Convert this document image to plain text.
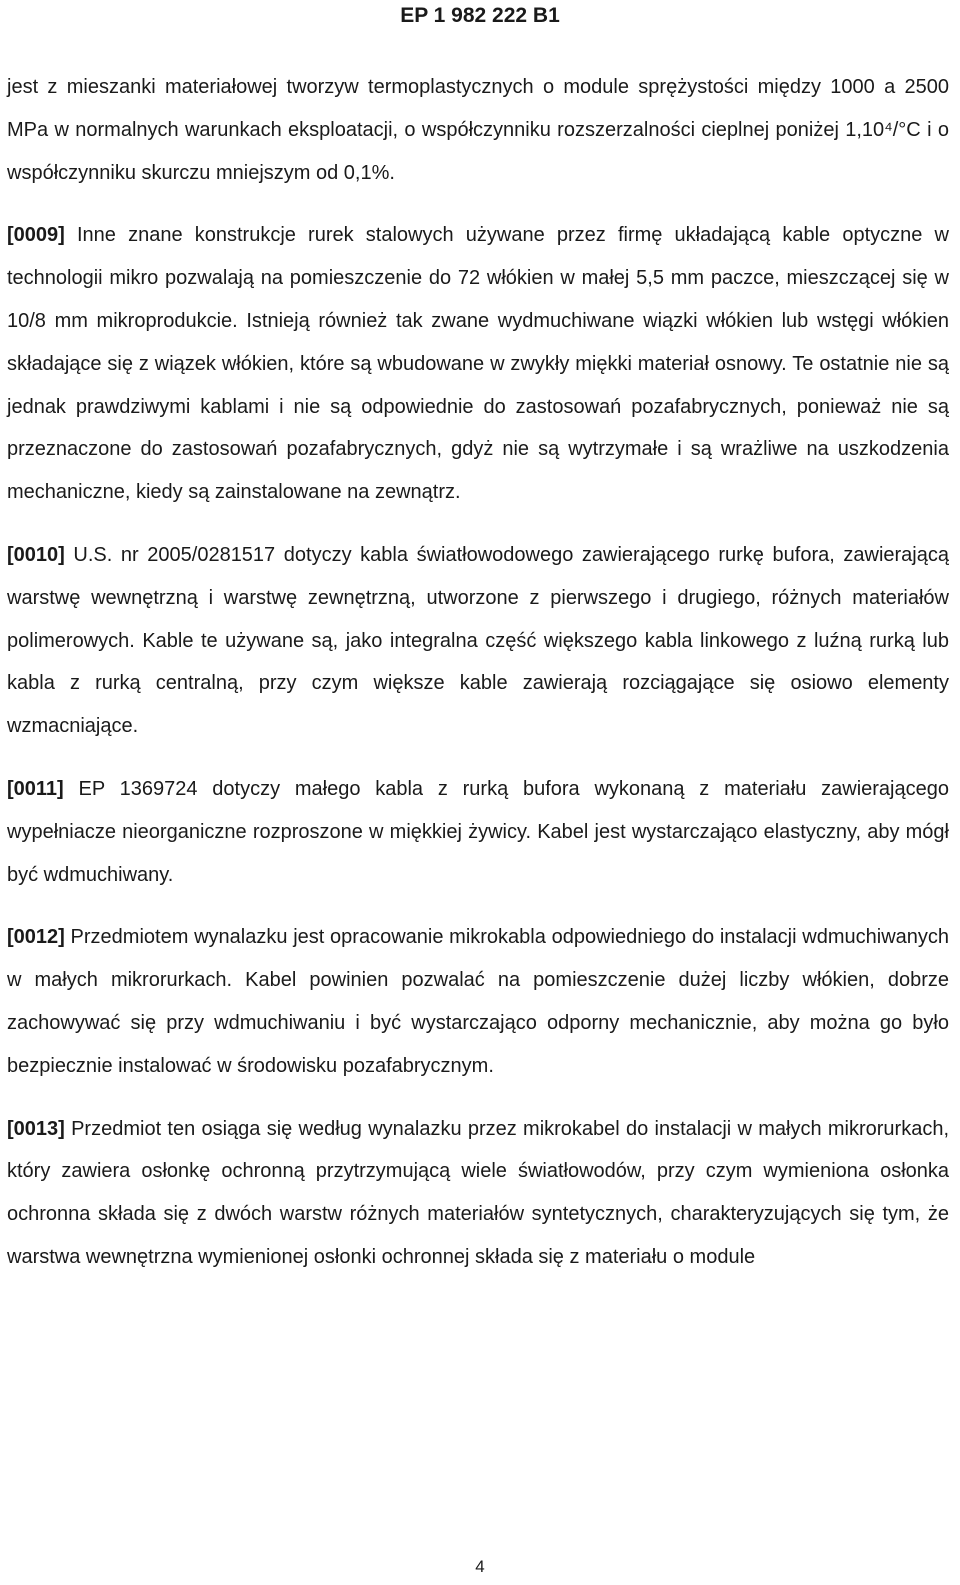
EP 1 982 222 B1

jest z mieszanki materiałowej tworzyw termoplastycznych o module sprężystości między 1000 a 2500 MPa w normalnych warunkach eksploatacji, o współczynniku rozszerzalności cieplnej poniżej 1,10⁴/°C i o współczynniku skurczu mniejszym od 0,1%.

[0009] Inne znane konstrukcje rurek stalowych używane przez firmę układającą kable optyczne w technologii mikro pozwalają na pomieszczenie do 72 włókien w małej 5,5 mm paczce, mieszczącej się w 10/8 mm mikroprodukcie. Istnieją również tak zwane wydmuchiwane wiązki włókien lub wstęgi włókien składające się z wiązek włókien, które są wbudowane w zwykły miękki materiał osnowy. Te ostatnie nie są jednak prawdziwymi kablami i nie są odpowiednie do zastosowań pozafabrycznych, ponieważ nie są przeznaczone do zastosowań pozafabrycznych, gdyż nie są wytrzymałe i są wrażliwe na uszkodzenia mechaniczne, kiedy są zainstalowane na zewnątrz.

[0010] U.S. nr 2005/0281517 dotyczy kabla światłowodowego zawierającego rurkę bufora, zawierającą warstwę wewnętrzną i warstwę zewnętrzną, utworzone z pierwszego i drugiego, różnych materiałów polimerowych. Kable te używane są, jako integralna część większego kabla linkowego z luźną rurką lub kabla z rurką centralną, przy czym większe kable zawierają rozciągające się osiowo elementy wzmacniające.

[0011] EP 1369724 dotyczy małego kabla z rurką bufora wykonaną z materiału zawierającego wypełniacze nieorganiczne rozproszone w miękkiej żywicy. Kabel jest wystarczająco elastyczny, aby mógł być wdmuchiwany.

[0012] Przedmiotem wynalazku jest opracowanie mikrokabla odpowiedniego do instalacji wdmuchiwanych w małych mikrorurkach. Kabel powinien pozwalać na pomieszczenie dużej liczby włókien, dobrze zachowywać się przy wdmuchiwaniu i być wystarczająco odporny mechanicznie, aby można go było bezpiecznie instalować w środowisku pozafabrycznym.

[0013] Przedmiot ten osiąga się według wynalazku przez mikrokabel do instalacji w małych mikrorurkach, który zawiera osłonkę ochronną przytrzymującą wiele światłowodów, przy czym wymieniona osłonka ochronna składa się z dwóch warstw różnych materiałów syntetycznych, charakteryzujących się tym, że warstwa wewnętrzna wymienionej osłonki ochronnej składa się z materiału o module

4
